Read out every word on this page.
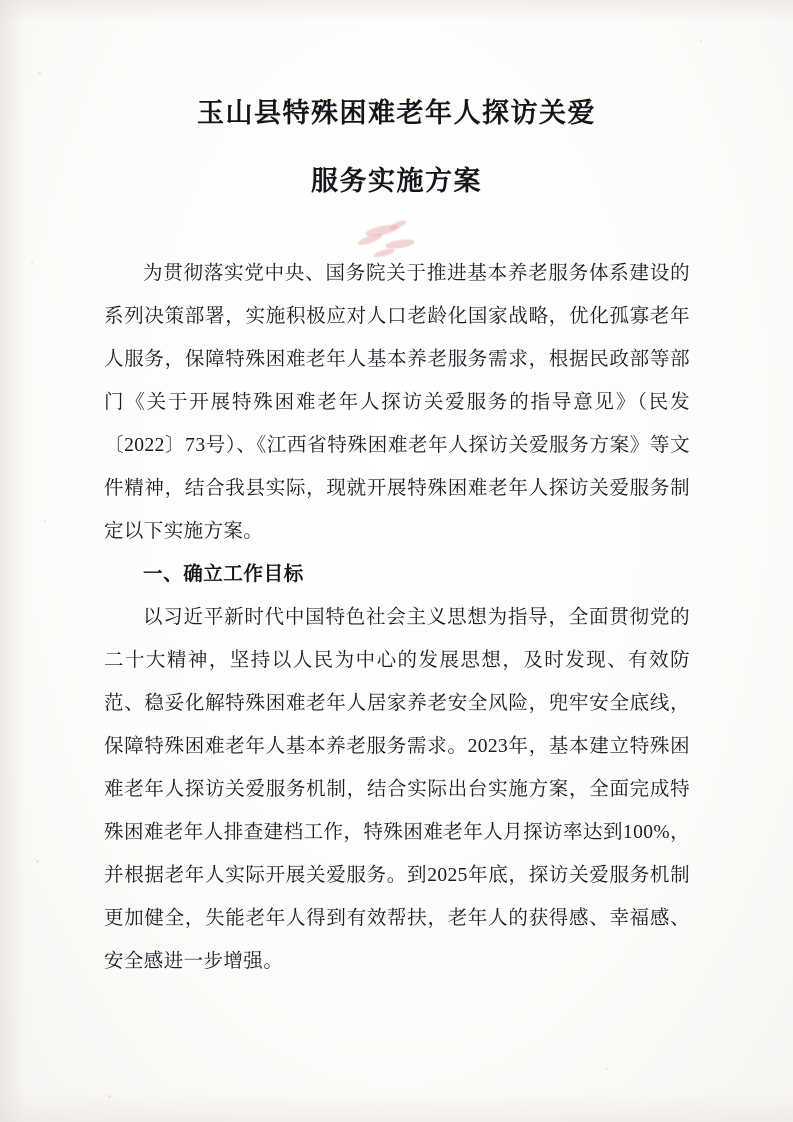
玉山县特殊困难老年人探访关爱
服务实施方案

为贯彻落实党中央、国务院关于推进基本养老服务体系建设的系列决策部署，实施积极应对人口老龄化国家战略，优化孤寡老年人服务，保障特殊困难老年人基本养老服务需求，根据民政部等部门《关于开展特殊困难老年人探访关爱服务的指导意见》（民发〔2022〕73号）、《江西省特殊困难老年人探访关爱服务方案》等文件精神，结合我县实际，现就开展特殊困难老年人探访关爱服务制定以下实施方案。

一、确立工作目标

以习近平新时代中国特色社会主义思想为指导，全面贯彻党的二十大精神，坚持以人民为中心的发展思想，及时发现、有效防范、稳妥化解特殊困难老年人居家养老安全风险，兜牢安全底线，保障特殊困难老年人基本养老服务需求。2023年，基本建立特殊困难老年人探访关爱服务机制，结合实际出台实施方案，全面完成特殊困难老年人排查建档工作，特殊困难老年人月探访率达到100%，并根据老年人实际开展关爱服务。到2025年底，探访关爱服务机制更加健全，失能老年人得到有效帮扶，老年人的获得感、幸福感、安全感进一步增强。
